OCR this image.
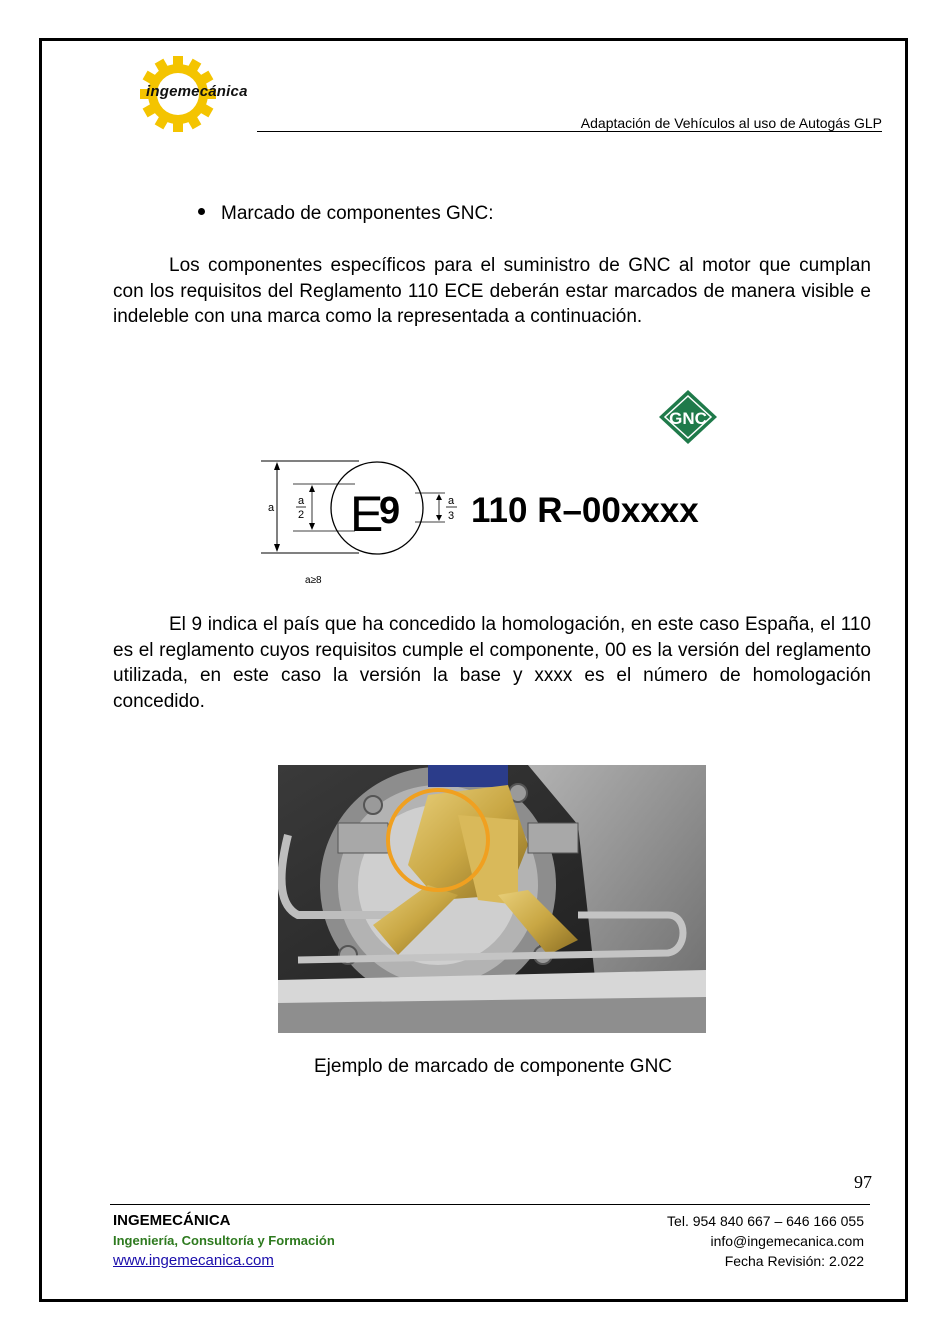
ingemecánica
Adaptación de Vehículos al uso de Autogás GLP
Marcado de componentes GNC:
Los componentes específicos para el suministro de GNC al motor que cumplan con los requisitos del Reglamento 110 ECE deberán estar marcados de manera visible e indeleble con una marca como la representada a continuación.
GNC
a
a
2 E
9	a
3 110 R–00xxxx
a≥8
El 9 indica el país que ha concedido la homologación, en este caso España, el 110 es el reglamento cuyos requisitos cumple el componente, 00 es la versión del reglamento utilizada, en este caso la versión la base y xxxx es el número de homologación concedido.
Ejemplo de marcado de componente GNC
97
INGEMECÁNICA
Ingeniería, Consultoría y Formación
www.ingemecanica.com
Tel. 954 840 667 – 646 166 055
info@ingemecanica.com
Fecha Revisión: 2.022
